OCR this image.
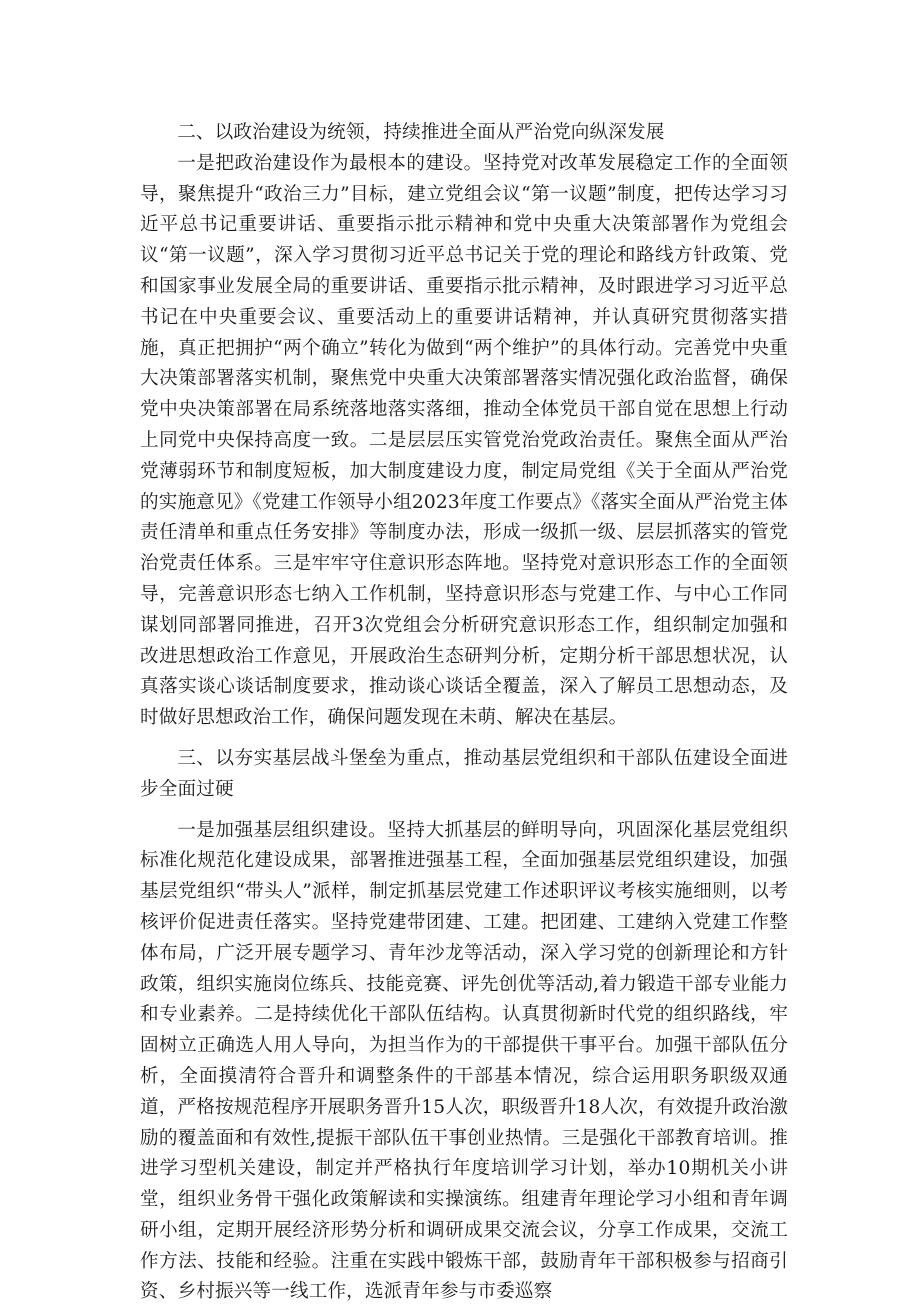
二、以政治建设为统领，持续推进全面从严治党向纵深发展

一是把政治建设作为最根本的建设。坚持党对改革发展稳定工作的全面领导，聚焦提升“政治三力”目标，建立党组会议“第一议题”制度，把传达学习习近平总书记重要讲话、重要指示批示精神和党中央重大决策部署作为党组会议“第一议题”，深入学习贯彻习近平总书记关于党的理论和路线方针政策、党和国家事业发展全局的重要讲话、重要指示批示精神，及时跟进学习习近平总书记在中央重要会议、重要活动上的重要讲话精神，并认真研究贯彻落实措施，真正把拥护“两个确立”转化为做到“两个维护”的具体行动。完善党中央重大决策部署落实机制，聚焦党中央重大决策部署落实情况强化政治监督，确保党中央决策部署在局系统落地落实落细，推动全体党员干部自觉在思想上行动上同党中央保持高度一致。二是层层压实管党治党政治责任。聚焦全面从严治党薄弱环节和制度短板，加大制度建设力度，制定局党组《关于全面从严治党的实施意见》《党建工作领导小组2023年度工作要点》《落实全面从严治党主体责任清单和重点任务安排》等制度办法，形成一级抓一级、层层抓落实的管党治党责任体系。三是牢牢守住意识形态阵地。坚持党对意识形态工作的全面领导，完善意识形态七纳入工作机制，坚持意识形态与党建工作、与中心工作同谋划同部署同推进，召开3次党组会分析研究意识形态工作，组织制定加强和改进思想政治工作意见，开展政治生态研判分析，定期分析干部思想状况，认真落实谈心谈话制度要求，推动谈心谈话全覆盖，深入了解员工思想动态，及时做好思想政治工作，确保问题发现在未萌、解决在基层。

三、以夯实基层战斗堡垒为重点，推动基层党组织和干部队伍建设全面进步全面过硬

一是加强基层组织建设。坚持大抓基层的鲜明导向，巩固深化基层党组织标准化规范化建设成果，部署推进强基工程，全面加强基层党组织建设，加强基层党组织“带头人”派样，制定抓基层党建工作述职评议考核实施细则，以考核评价促进责任落实。坚持党建带团建、工建。把团建、工建纳入党建工作整体布局，广泛开展专题学习、青年沙龙等活动，深入学习党的创新理论和方针政策，组织实施岗位练兵、技能竞赛、评先创优等活动,着力锻造干部专业能力和专业素养。二是持续优化干部队伍结构。认真贯彻新时代党的组织路线，牢固树立正确选人用人导向，为担当作为的干部提供干事平台。加强干部队伍分析，全面摸清符合晋升和调整条件的干部基本情况，综合运用职务职级双通道，严格按规范程序开展职务晋升15人次，职级晋升18人次，有效提升政治激励的覆盖面和有效性,提振干部队伍干事创业热情。三是强化干部教育培训。推进学习型机关建设，制定并严格执行年度培训学习计划，举办10期机关小讲堂，组织业务骨干强化政策解读和实操演练。组建青年理论学习小组和青年调研小组，定期开展经济形势分析和调研成果交流会议，分享工作成果，交流工作方法、技能和经验。注重在实践中锻炼干部，鼓励青年干部积极参与招商引资、乡村振兴等一线工作，选派青年参与市委巡察
